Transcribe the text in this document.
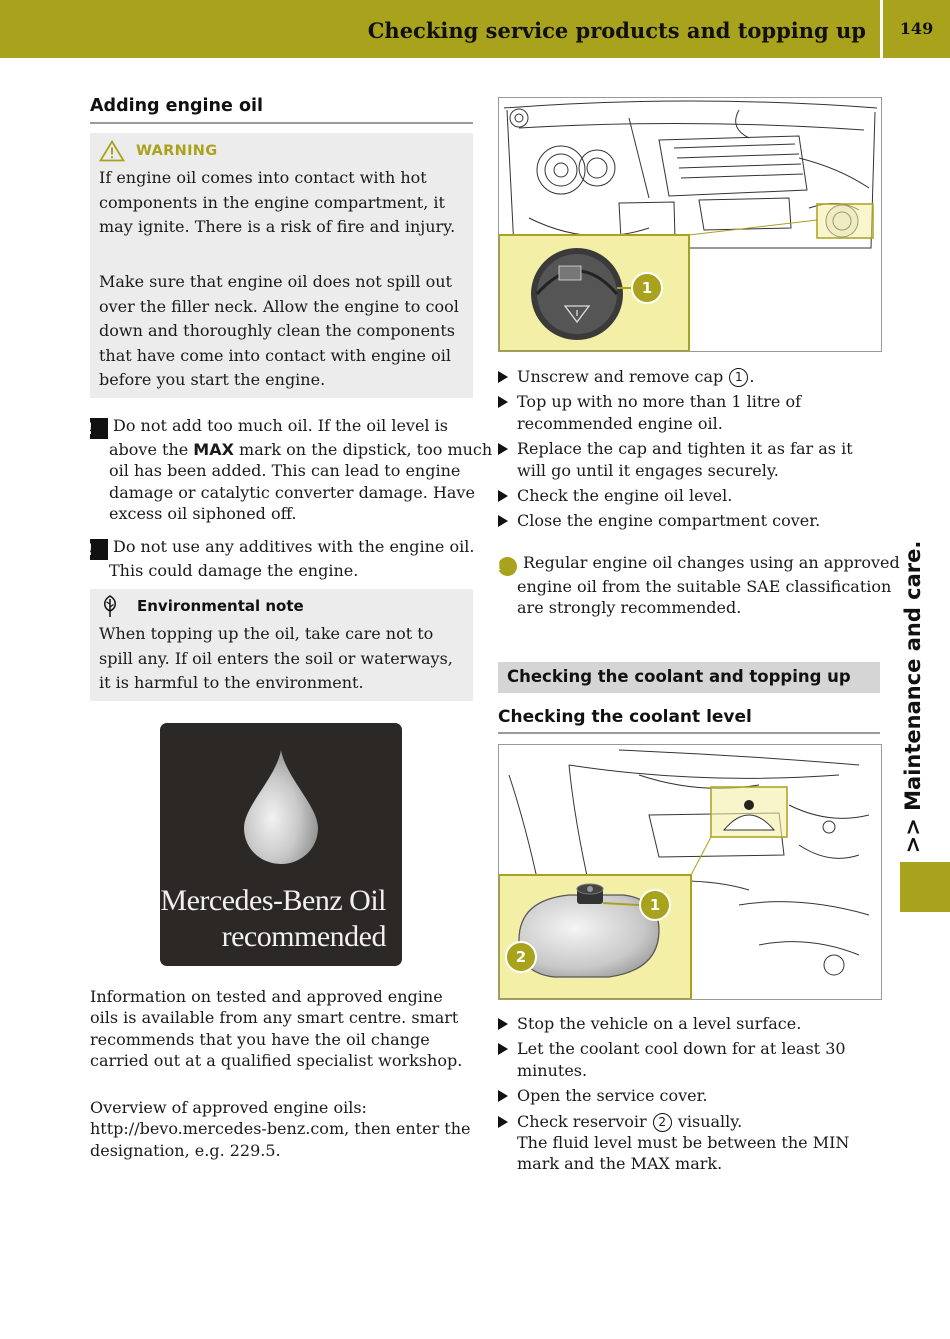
Checking service products and topping up	149
>> Maintenance and care.
Adding engine oil
WARNING
If engine oil comes into contact with hot components in the engine compartment, it may ignite. There is a risk of fire and injury.
Make sure that engine oil does not spill out over the filler neck. Allow the engine to cool down and thoroughly clean the components that have come into contact with engine oil before you start the engine.
! Do not add too much oil. If the oil level is above the MAX mark on the dipstick, too much oil has been added. This can lead to engine damage or catalytic converter damage. Have excess oil siphoned off.
! Do not use any additives with the engine oil. This could damage the engine.
Environmental note
When topping up the oil, take care not to spill any. If oil enters the soil or waterways, it is harmful to the environment.
Mercedes-Benz Oil
recommended
Information on tested and approved engine oils is available from any smart centre. smart recommends that you have the oil change carried out at a qualified specialist workshop.
Overview of approved engine oils: http://bevo.mercedes-benz.com, then enter the designation, e.g. 229.5.
1
Unscrew and remove cap 1 .
Top up with no more than 1 litre of recommended engine oil.
Replace the cap and tighten it as far as it will go until it engages securely.
Check the engine oil level.
Close the engine compartment cover.
i Regular engine oil changes using an approved engine oil from the suitable SAE classification are strongly recommended.
Checking the coolant and topping up
Checking the coolant level
1
2
Stop the vehicle on a level surface.
Let the coolant cool down for at least 30 minutes.
Open the service cover.
Check reservoir 2 visually.
The fluid level must be between the MIN mark and the MAX mark.
